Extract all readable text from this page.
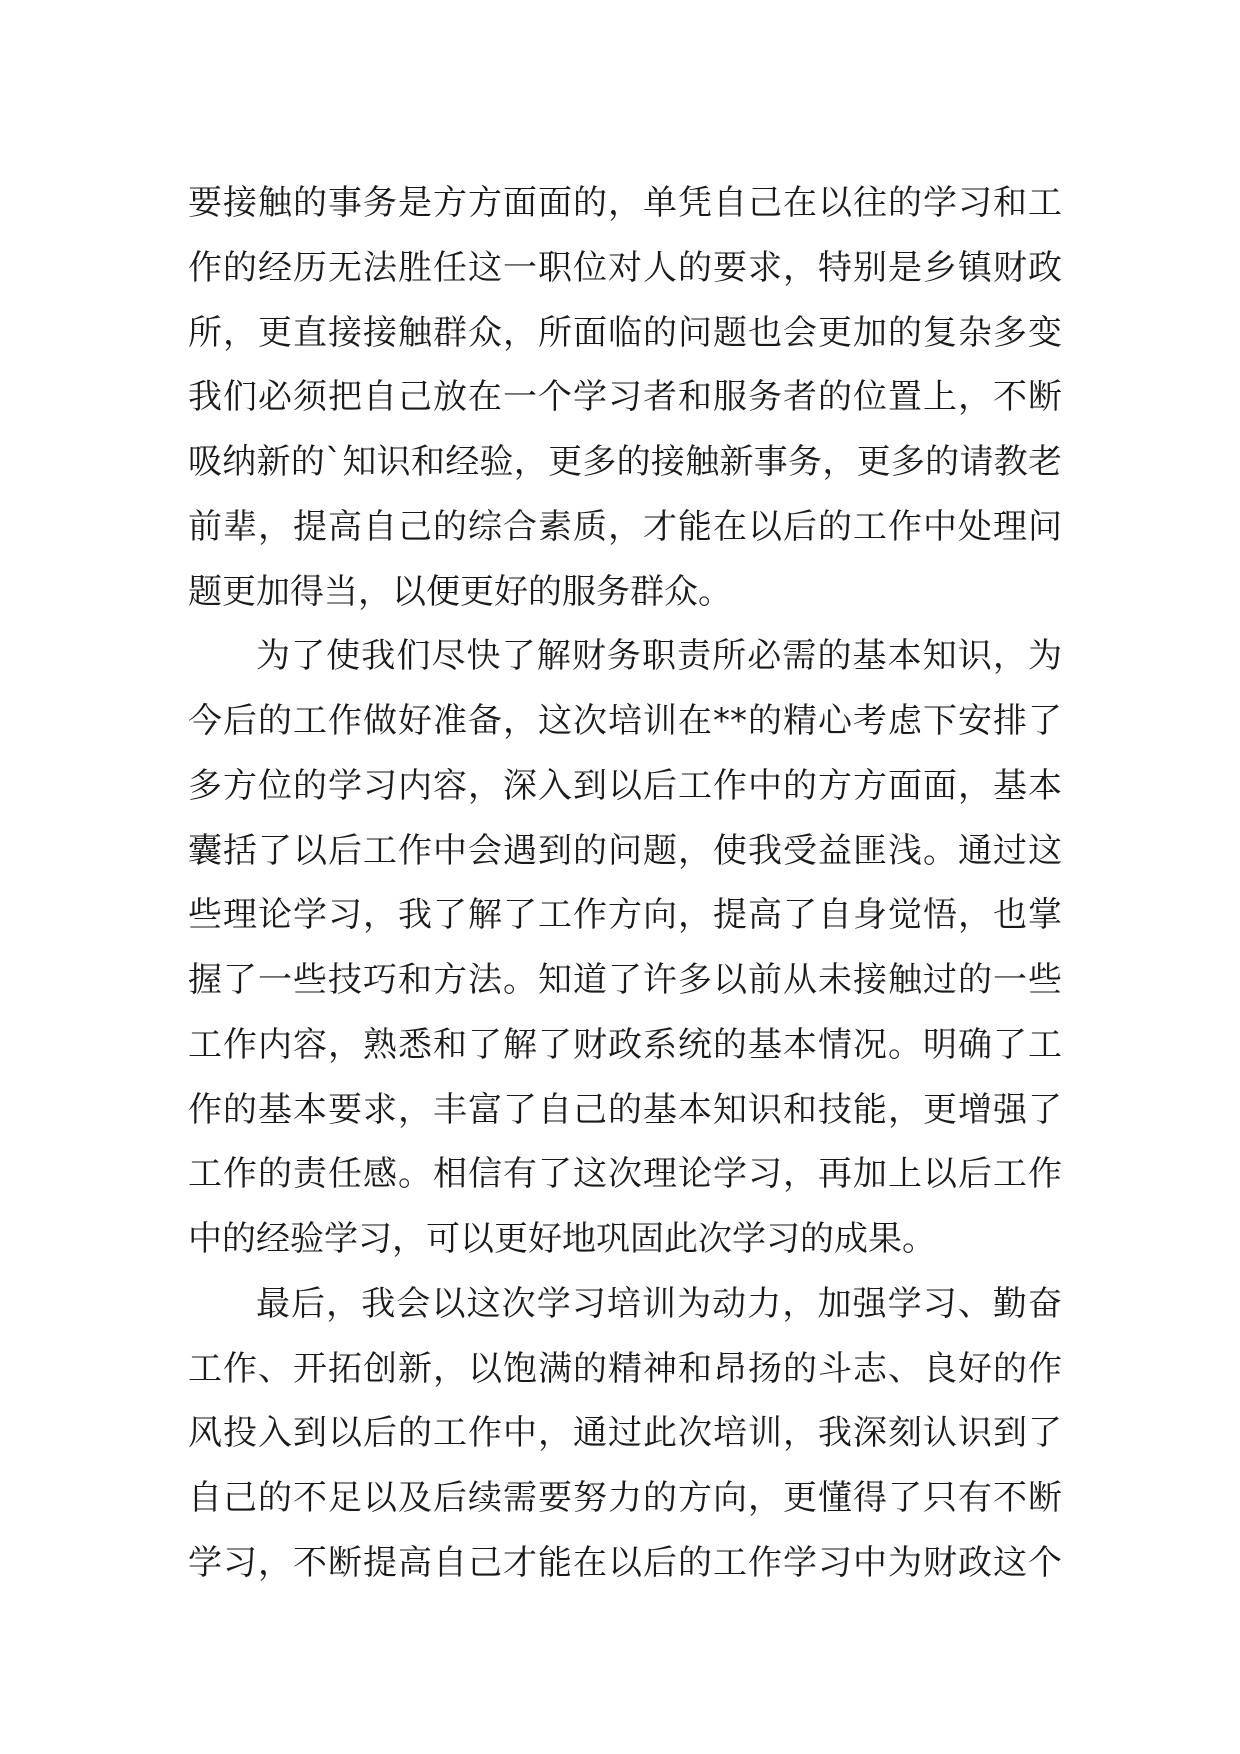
要接触的事务是方方面面的，单凭自己在以往的学习和工
作的经历无法胜任这一职位对人的要求，特别是乡镇财政
所，更直接接触群众，所面临的问题也会更加的复杂多变
我们必须把自己放在一个学习者和服务者的位置上，不断
吸纳新的`知识和经验，更多的接触新事务，更多的请教老
前辈，提高自己的综合素质，才能在以后的工作中处理问
题更加得当，以便更好的服务群众。
为了使我们尽快了解财务职责所必需的基本知识，为
今后的工作做好准备，这次培训在**的精心考虑下安排了
多方位的学习内容，深入到以后工作中的方方面面，基本
囊括了以后工作中会遇到的问题，使我受益匪浅。通过这
些理论学习，我了解了工作方向，提高了自身觉悟，也掌
握了一些技巧和方法。知道了许多以前从未接触过的一些
工作内容，熟悉和了解了财政系统的基本情况。明确了工
作的基本要求，丰富了自己的基本知识和技能，更增强了
工作的责任感。相信有了这次理论学习，再加上以后工作
中的经验学习，可以更好地巩固此次学习的成果。
最后，我会以这次学习培训为动力，加强学习、勤奋
工作、开拓创新，以饱满的精神和昂扬的斗志、良好的作
风投入到以后的工作中，通过此次培训，我深刻认识到了
自己的不足以及后续需要努力的方向，更懂得了只有不断
学习，不断提高自己才能在以后的工作学习中为财政这个
